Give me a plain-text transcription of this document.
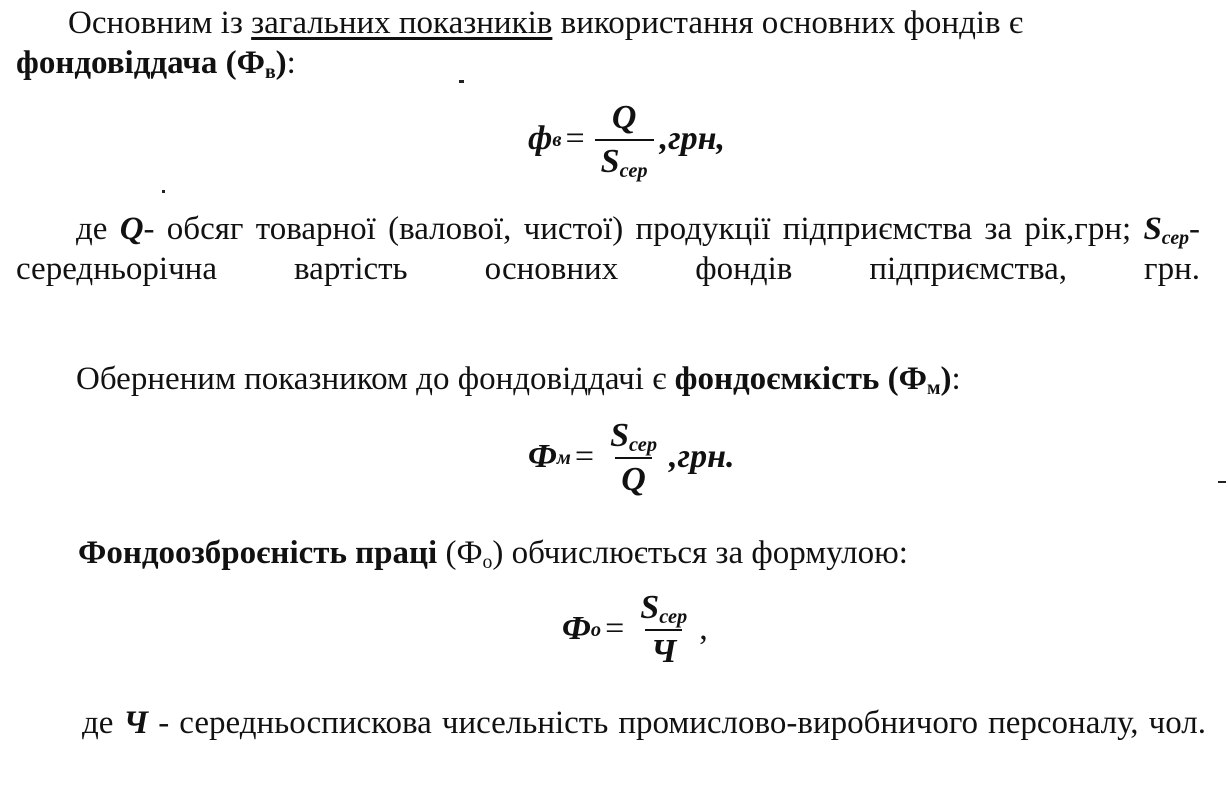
Основним із загальних показників використання основних фондів є

фондовіддача $(Ф_в)$:

ф $в = \frac{Q}{S_{сер}} ,грн$,

де Q- обсяг товарної (валової, чистої) продукції підприємства за рік,грн; $S_{сер}-$ середньорічна вартість основних фондів підприємства, грн.

Оберненим показником до фондовіддачі є фондоємкість $(Ф_м)$:

Ф $м = \frac{S_{сер}}{Q} ,грн$.

Фондоозброєність праці $(Ф_о)$ обчислюється за формулою:

Ф $о = \frac{S_{сер}}{Ч}$ ,

де Ч - середньоспискова чисельність промислово-виробничого персоналу, чол.
